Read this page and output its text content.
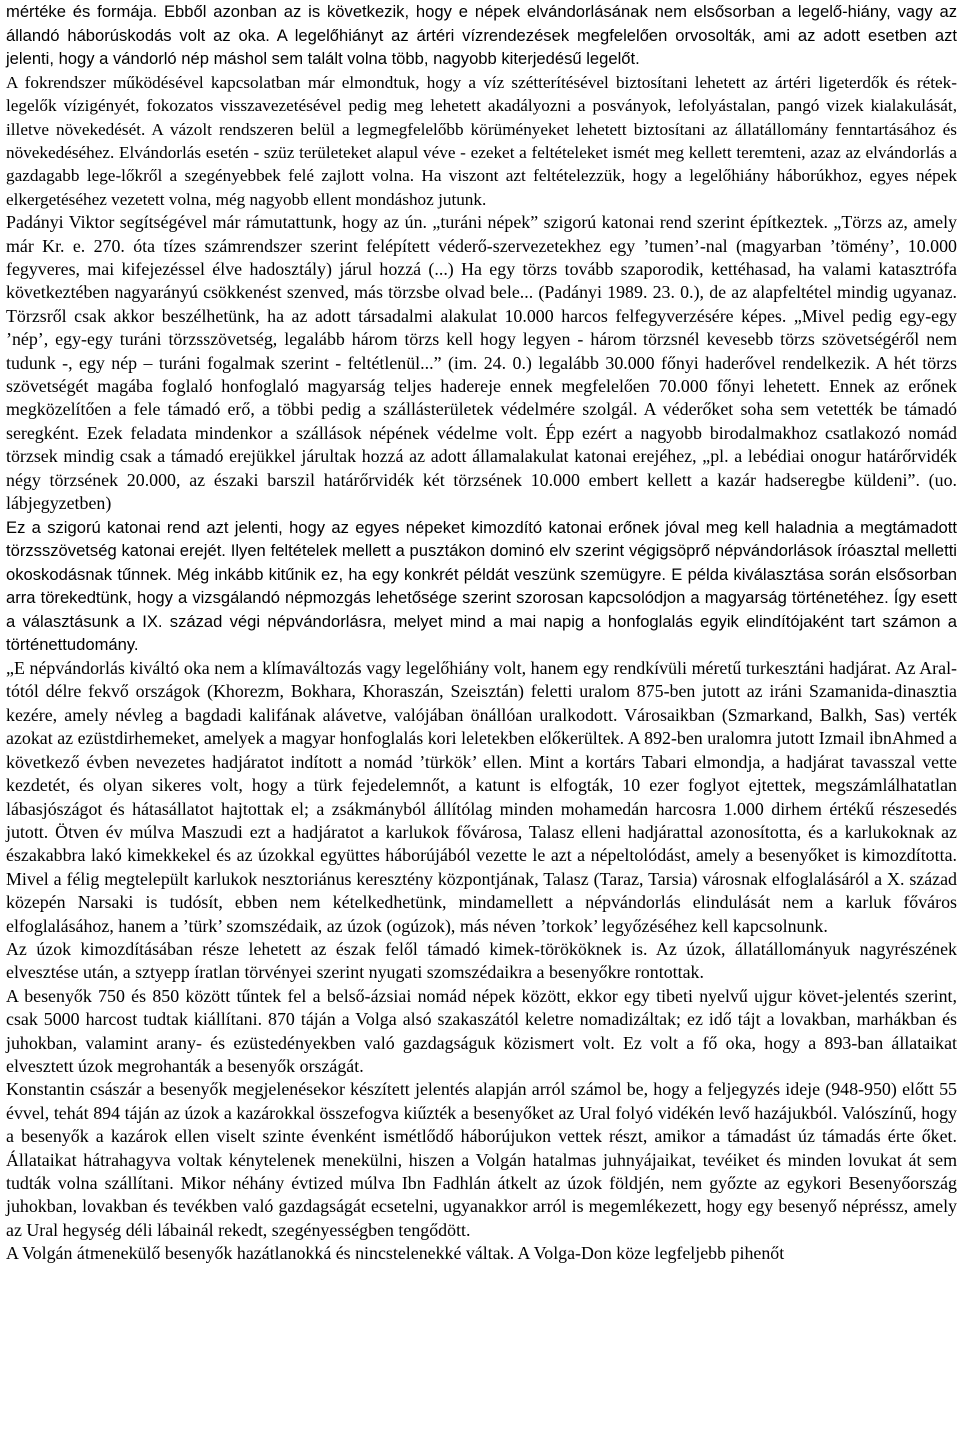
mértéke és formája. Ebből azonban az is következik, hogy e népek elvándorlásának nem elsősorban a legelő-hiány, vagy az állandó háborúskodás volt az oka. A legelőhiányt az ártéri vízrendezések megfelelően orvosolták, ami az adott esetben azt jelenti, hogy a vándorló nép máshol sem talált volna több, nagyobb kiterjedésű legelőt.

A fokrendszer működésével kapcsolatban már elmondtuk, hogy a víz szétterítésével biztosítani lehetett az ártéri ligeterdők és rétek-legelők vízigényét, fokozatos visszavezetésével pedig meg lehetett akadályozni a posványok, lefolyástalan, pangó vizek kialakulását, illetve növekedését. A vázolt rendszeren belül a legmegfelelőbb körüményeket lehetett biztosítani az állatállomány fenntartásához és növekedéséhez. Elvándorlás esetén - szüz területeket alapul véve - ezeket a feltételeket ismét meg kellett teremteni, azaz az elvándorlás a gazdagabb lege-lőkről a szegényebbek felé zajlott volna. Ha viszont azt feltételezzük, hogy a legelőhiány háborúkhoz, egyes népek elkergetéséhez vezetett volna, még nagyobb ellent mondáshoz jutunk.

Padányi Viktor segítségével már rámutattunk, hogy az ún. „turáni népek” szigorú katonai rend szerint építkeztek. „Törzs az, amely már Kr. e. 270. óta tízes számrendszer szerint felépített véderő-szervezetekhez egy ’tumen’-nal (magyarban ’tömény’, 10.000 fegyveres, mai kifejezéssel élve hadosztály) járul hozzá (...) Ha egy törzs tovább szaporodik, kettéhasad, ha valami katasztrófa következtében nagyarányú csökkenést szenved, más törzsbe olvad bele... (Padányi 1989. 23. 0.), de az alapfeltétel mindig ugyanaz. Törzsről csak akkor beszélhetünk, ha az adott társadalmi alakulat 10.000 harcos felfegyverzésére képes. „Mivel pedig egy-egy ’nép’, egy-egy turáni törzsszövetség, legalább három törzs kell hogy legyen - három törzsnél kevesebb törzs szövetségéről nem tudunk -, egy nép – turáni fogalmak szerint - feltétlenül...” (im. 24. 0.) legalább 30.000 főnyi haderővel rendelkezik. A hét törzs szövetségét magába foglaló honfoglaló magyarság teljes hadereje ennek megfelelően 70.000 főnyi lehetett. Ennek az erőnek megközelítően a fele támadó erő, a többi pedig a szállásterületek védelmére szolgál. A véderőket soha sem vetették be támadó seregként. Ezek feladata mindenkor a szállások népének védelme volt. Épp ezért a nagyobb birodalmakhoz csatlakozó nomád törzsek mindig csak a támadó erejükkel járultak hozzá az adott államalakulat katonai erejéhez, „pl. a lebédiai onogur határőrvidék négy törzsének 20.000, az északi barszil határőrvidék két törzsének 10.000 embert kellett a kazár hadseregbe küldeni”. (uo. lábjegyzetben)

Ez a szigorú katonai rend azt jelenti, hogy az egyes népeket kimozdító katonai erőnek jóval meg kell haladnia a megtámadott törzsszövetség katonai erejét. Ilyen feltételek mellett a pusztákon dominó elv szerint végigsöprő népvándorlások íróasztal melletti okoskodásnak tűnnek. Még inkább kitűnik ez, ha egy konkrét példát veszünk szemügyre. E példa kiválasztása során elsősorban arra törekedtünk, hogy a vizsgálandó népmozgás lehetősége szerint szorosan kapcsolódjon a magyarság történetéhez. Így esett a választásunk a IX. század végi népvándorlásra, melyet mind a mai napig a honfoglalás egyik elindítójaként tart számon a történettudomány.

„E népvándorlás kiváltó oka nem a klímaváltozás vagy legelőhiány volt, hanem egy rendkívüli méretű turkesztáni hadjárat. Az Aral-tótól délre fekvő országok (Khorezm, Bokhara, Khoraszán, Szeisztán) feletti uralom 875-ben jutott az iráni Szamanida-dinasztia kezére, amely névleg a bagdadi kalifának alávetve, valójában önállóan uralkodott. Városaikban (Szmarkand, Balkh, Sas) verték azokat az ezüstdirhemeket, amelyek a magyar honfoglalás kori leletekben előkerültek. A 892-ben uralomra jutott Izmail ibnAhmed a következő évben nevezetes hadjáratot indított a nomád ’türkök’ ellen. Mint a kortárs Tabari elmondja, a hadjárat tavasszal vette kezdetét, és olyan sikeres volt, hogy a türk fejedelemnőt, a katunt is elfogták, 10 ezer foglyot ejtettek, megszámlálhatatlan lábasjószágot és hátasállatot hajtottak el; a zsákmányból állítólag minden mohamedán harcosra 1.000 dirhem értékű részesedés jutott. Ötven év múlva Maszudi ezt a hadjáratot a karlukok fővárosa, Talasz elleni hadjárattal azonosította, és a karlukoknak az északabbra lakó kimekkekel és az úzokkal együttes háborújából vezette le azt a népeltolódást, amely a besenyőket is kimozdította. Mivel a félig megtelepült karlukok nesztoriánus keresztény központjának, Talasz (Taraz, Tarsia) városnak elfoglalásáról a X. század közepén Narsaki is tudósít, ebben nem kételkedhetünk, mindamellett a népvándorlás elindulását nem a karluk főváros elfoglalásához, hanem a ’türk’ szomszédaik, az úzok (ogúzok), más néven ’torkok’ legyőzéséhez kell kapcsolnunk.

Az úzok kimozdításában része lehetett az észak felől támadó kimek-törököknek is. Az úzok, állatállományuk nagyrészének elvesztése után, a sztyepp íratlan törvényei szerint nyugati szomszédaikra a besenyőkre rontottak.

A besenyők 750 és 850 között tűntek fel a belső-ázsiai nomád népek között, ekkor egy tibeti nyelvű ujgur követ-jelentés szerint, csak 5000 harcost tudtak kiállítani. 870 táján a Volga alsó szakaszától keletre nomadizáltak; ez idő tájt a lovakban, marhákban és juhokban, valamint arany- és ezüstedényekben való gazdagságuk közismert volt. Ez volt a fő oka, hogy a 893-ban állataikat elvesztett úzok megrohanták a besenyők országát.

Konstantin császár a besenyők megjelenésekor készített jelentés alapján arról számol be, hogy a feljegyzés ideje (948-950) előtt 55 évvel, tehát 894 táján az úzok a kazárokkal összefogva kiűzték a besenyőket az Ural folyó vidékén levő hazájukból. Valószínű, hogy a besenyők a kazárok ellen viselt szinte évenként ismétlődő háborújukon vettek részt, amikor a támadást úz támadás érte őket. Állataikat hátrahagyva voltak kénytelenek menekülni, hiszen a Volgán hatalmas juhnyájaikat, tevéiket és minden lovukat át sem tudták volna szállítani. Mikor néhány évtized múlva Ibn Fadhlán átkelt az úzok földjén, nem győzte az egykori Besenyőország juhokban, lovakban és tevékben való gazdagságát ecsetelni, ugyanakkor arról is megemlékezett, hogy egy besenyő népréssz, amely az Ural hegység déli lábainál rekedt, szegényességben tengődött.

A Volgán átmenekülő besenyők hazátlanokká és nincstelenekké váltak. A Volga-Don köze legfeljebb pihenőt
